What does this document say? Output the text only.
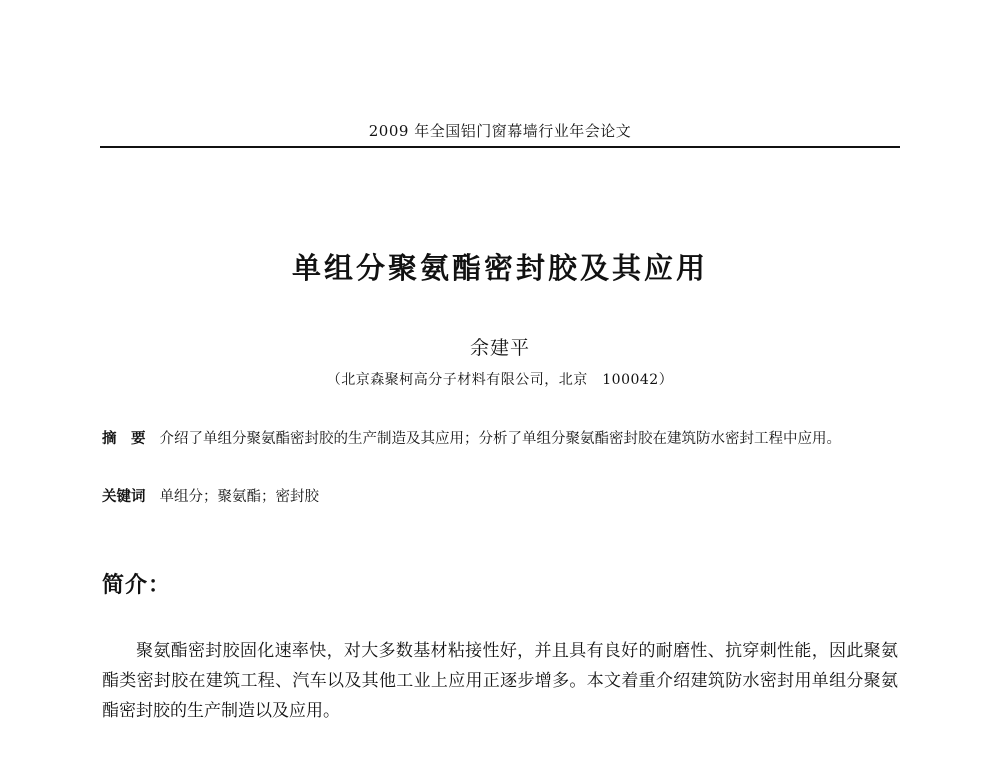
2009 年全国铝门窗幕墙行业年会论文
单组分聚氨酯密封胶及其应用
余建平
（北京森聚柯高分子材料有限公司，北京　100042）
摘　要 介绍了单组分聚氨酯密封胶的生产制造及其应用；分析了单组分聚氨酯密封胶在建筑防水密封工程中应用。
关键词 单组分；聚氨酯；密封胶
简介：
聚氨酯密封胶固化速率快，对大多数基材粘接性好，并且具有良好的耐磨性、抗穿刺性能，因此聚氨酯类密封胶在建筑工程、汽车以及其他工业上应用正逐步增多。本文着重介绍建筑防水密封用单组分聚氨酯密封胶的生产制造以及应用。
